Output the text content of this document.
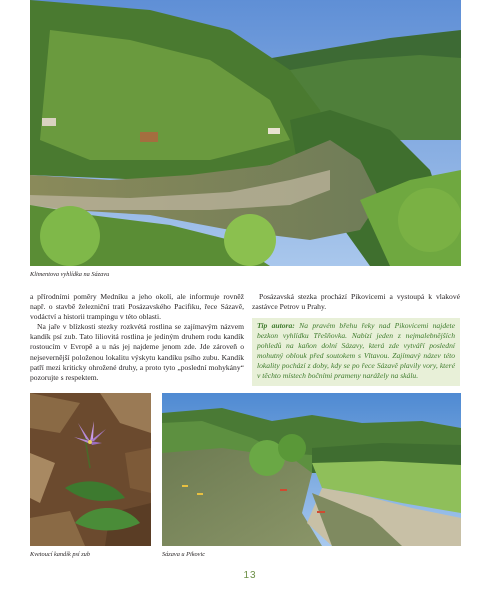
Klimentova vyhlídka na Sázavu

a přírodními poměry Medníku a jeho okolí, ale informuje rovněž např. o stavbě železniční trati Posázavského Pacifiku, řece Sázavě, vodáctví a historii trampingu v této oblasti.

Na jaře v blízkosti stezky rozkvétá rostlina se zajímavým názvem kandík psí zub. Tato liliovitá rostlina je jediným druhem rodu kandík rostoucím v Evropě a u nás jej najdeme jenom zde. Jde zároveň o nejsevernější položenou lokalitu výskytu kandíku psího zubu. Kandík patří mezi kriticky ohrožené druhy, a proto tyto „poslední mohykány“ pozorujte s respektem.

Posázavská stezka prochází Pikovicemi a vystoupá k vlakové zastávce Petrov u Prahy.

Tip autora: Na pravém břehu řeky nad Pikovicemi najdete bezkon vyhlídku Třešňovka. Nabízí jeden z nejmalebnějších pohledů na kaňon dolní Sázavy, která zde vytváří poslední mohutný oblouk před soutokem s Vltavou. Zajímavý název této lokality pochází z doby, kdy se po řece Sázavě plavily vory, které v těchto místech bočními prameny narážely na skálu.
Kvetoucí kandík psí zub	Sázava u Pikovic
13
